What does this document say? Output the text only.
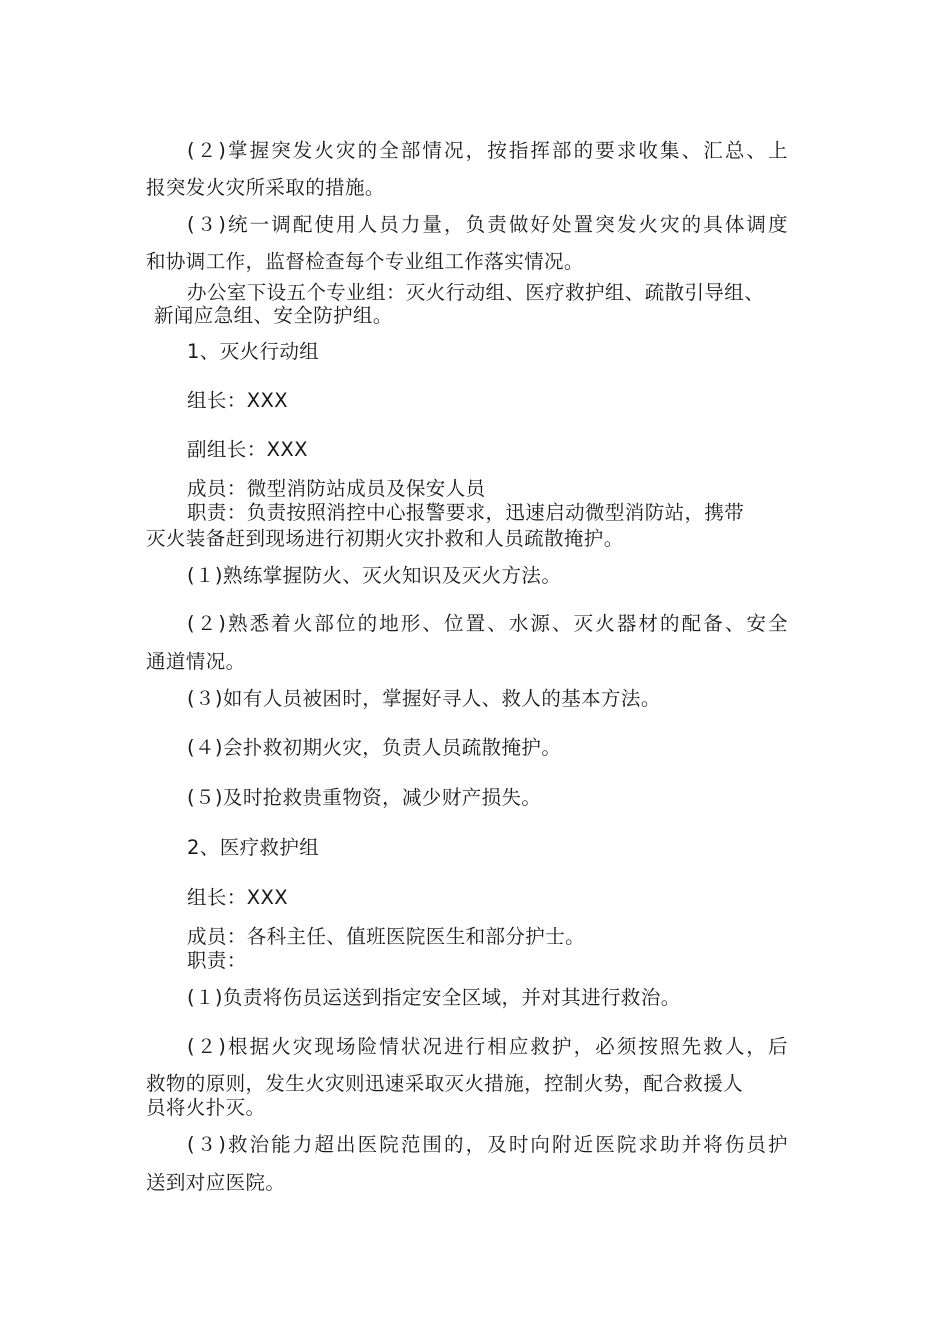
(２)掌握突发火灾的全部情况，按指挥部的要求收集、汇总、上
报突发火灾所采取的措施。
(３)统一调配使用人员力量，负责做好处置突发火灾的具体调度
和协调工作，监督检查每个专业组工作落实情况。
办公室下设五个专业组：灭火行动组、医疗救护组、疏散引导组、
新闻应急组、安全防护组。
1、灭火行动组
组长：XXX
副组长：XXX
成员：微型消防站成员及保安人员
职责：负责按照消控中心报警要求，迅速启动微型消防站，携带
灭火装备赶到现场进行初期火灾扑救和人员疏散掩护。
(１)熟练掌握防火、灭火知识及灭火方法。
(２)熟悉着火部位的地形、位置、水源、灭火器材的配备、安全
通道情况。
(３)如有人员被困时，掌握好寻人、救人的基本方法。
(４)会扑救初期火灾，负责人员疏散掩护。
(５)及时抢救贵重物资，减少财产损失。
2、医疗救护组
组长：XXX
成员：各科主任、值班医院医生和部分护士。
职责：
(１)负责将伤员运送到指定安全区域，并对其进行救治。
(２)根据火灾现场险情状况进行相应救护，必须按照先救人，后
救物的原则，发生火灾则迅速采取灭火措施，控制火势，配合救援人
员将火扑灭。
(３)救治能力超出医院范围的，及时向附近医院求助并将伤员护
送到对应医院。
